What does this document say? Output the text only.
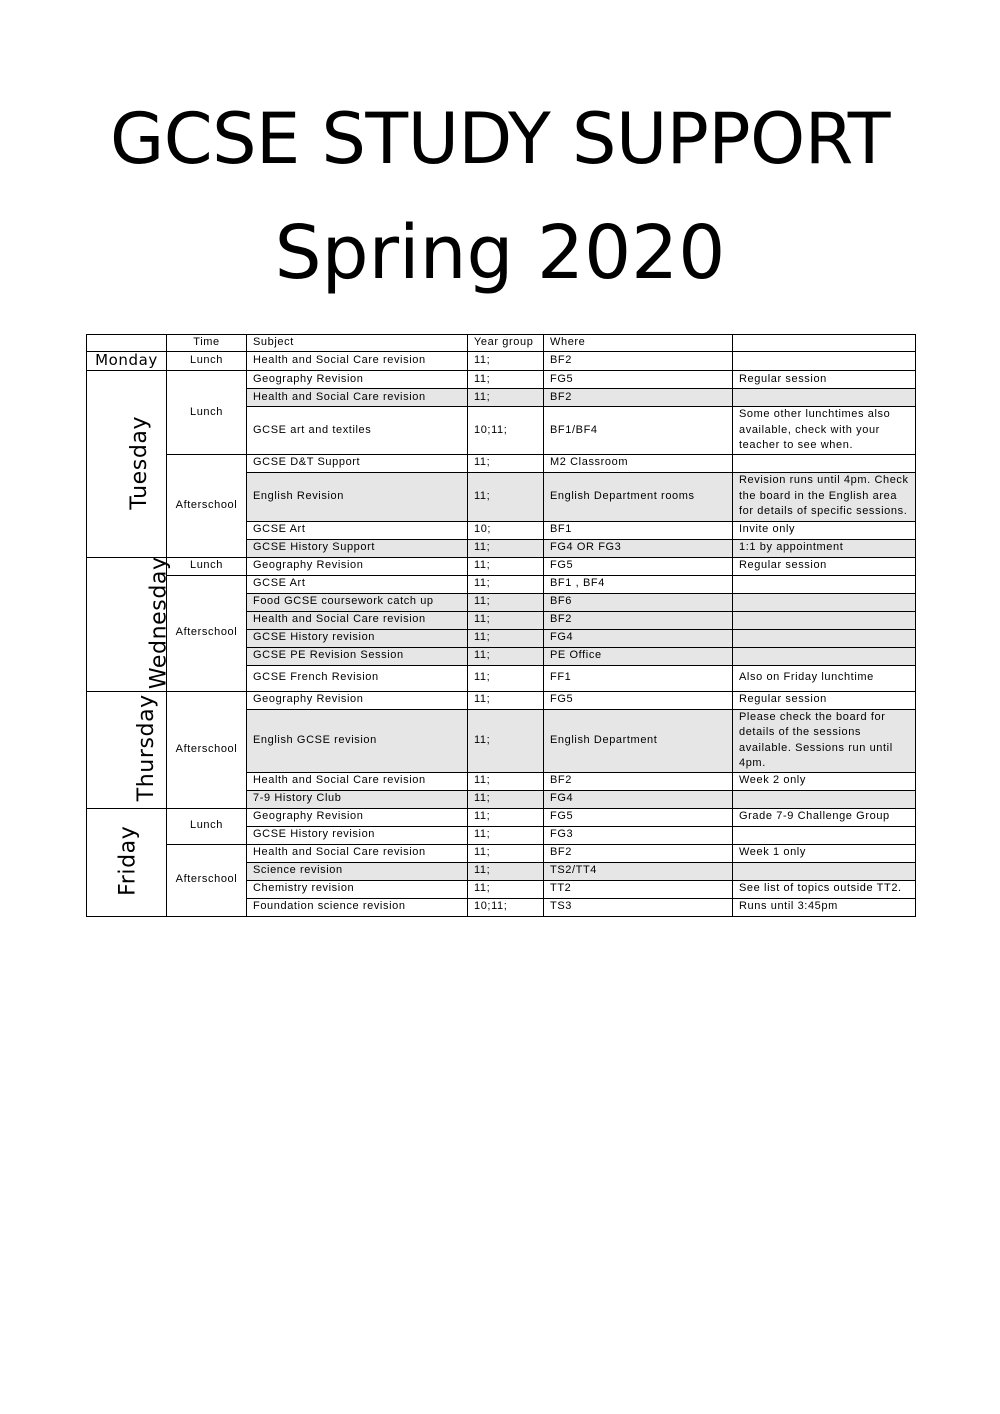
GCSE STUDY SUPPORT
Spring 2020
	Time	Subject	Year group	Where	
Monday	Lunch	Health and Social Care revision	11;	BF2	
Tuesday	Lunch	Geography Revision	11;	FG5	Regular session
		Health and Social Care revision	11;	BF2	
		GCSE art and textiles	10;11;	BF1/BF4	Some other lunchtimes also available, check with your teacher to see when.
	Afterschool	GCSE D&T Support	11;	M2 Classroom	
		English Revision	11;	English Department rooms	Revision runs until 4pm. Check the board in the English area for details of specific sessions.
		GCSE Art	10;	BF1	Invite only
		GCSE History Support	11;	FG4 OR FG3	1:1 by appointment
Wednesday	Lunch	Geography Revision	11;	FG5	Regular session
	Afterschool	GCSE Art	11;	BF1 , BF4	
		Food GCSE coursework catch up	11;	BF6	
		Health and Social Care revision	11;	BF2	
		GCSE History revision	11;	FG4	
		GCSE PE Revision Session	11;	PE Office	
		GCSE French Revision	11;	FF1	Also on Friday lunchtime
Thursday	Afterschool	Geography Revision	11;	FG5	Regular session
		English GCSE revision	11;	English Department	Please check the board for details of the sessions available. Sessions run until 4pm.
		Health and Social Care revision	11;	BF2	Week 2 only
		7-9 History Club	11;	FG4	
Friday	Lunch	Geography Revision	11;	FG5	Grade 7-9 Challenge Group
		GCSE History revision	11;	FG3	
	Afterschool	Health and Social Care revision	11;	BF2	Week 1 only
		Science revision	11;	TS2/TT4	
		Chemistry revision	11;	TT2	See list of topics outside TT2.
		Foundation science revision	10;11;	TS3	Runs until 3:45pm
